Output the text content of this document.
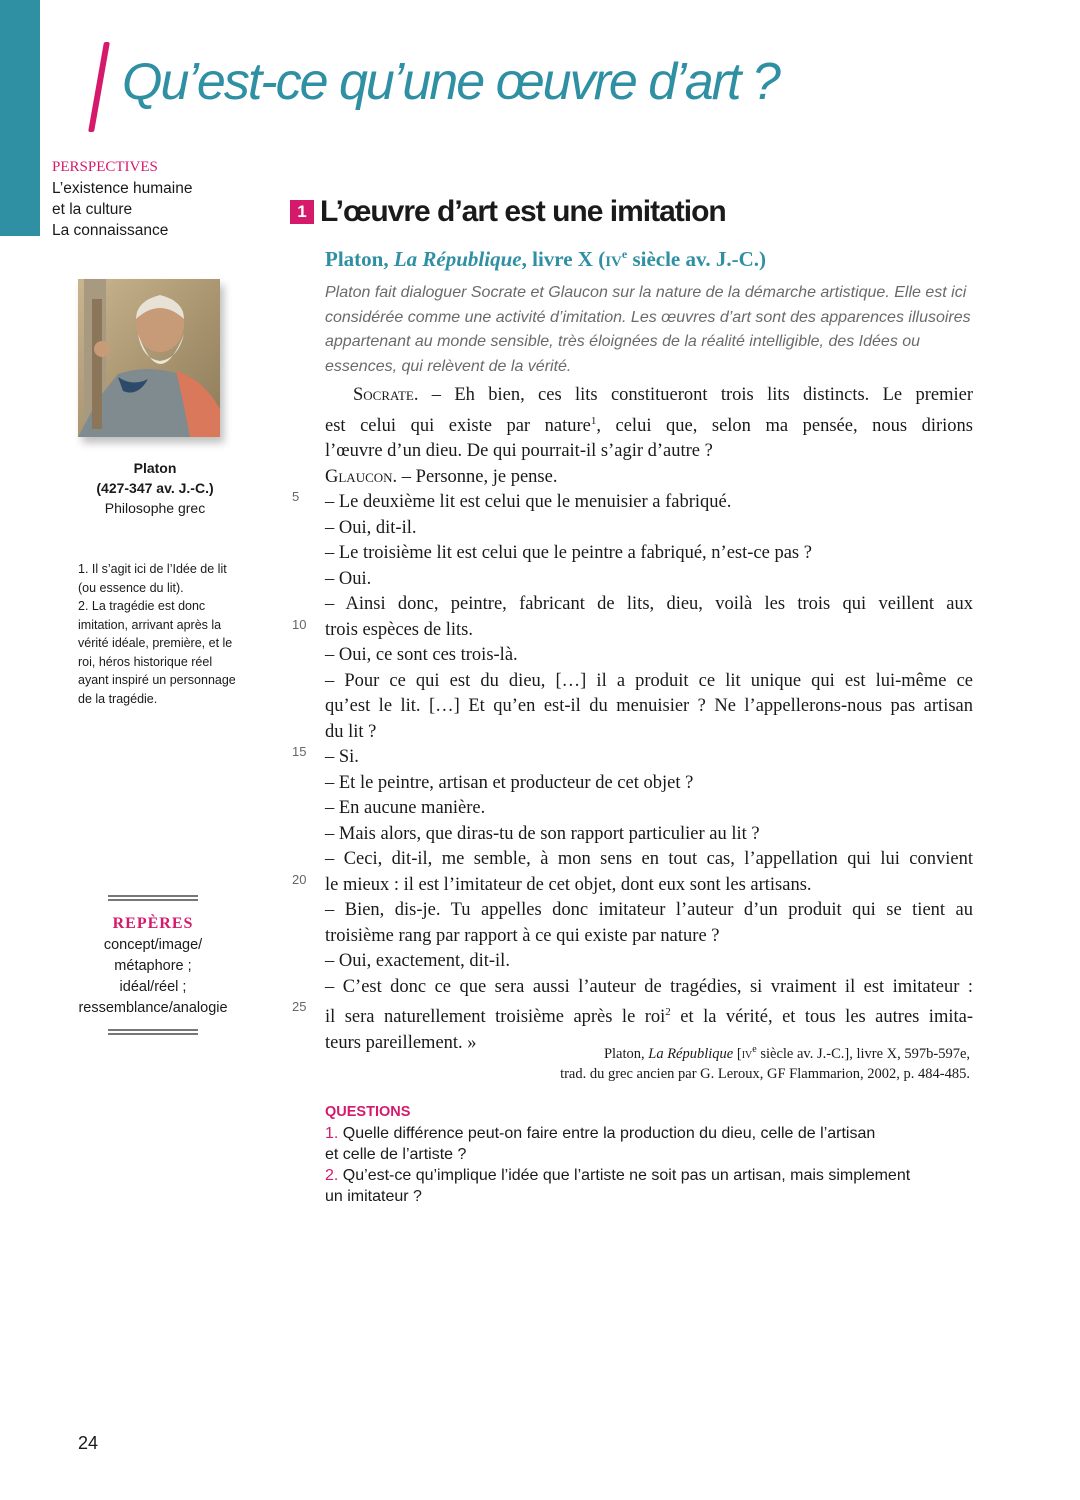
Qu’est-ce qu’une œuvre d’art ?
PERSPECTIVES
L’existence humaine
et la culture
La connaissance
Platon
(427-347 av. J.-C.)
Philosophe grec
1. Il s’agit ici de l’Idée de lit (ou essence du lit).
2. La tragédie est donc imitation, arrivant après la vérité idéale, première, et le roi, héros historique réel ayant inspiré un personnage de la tragédie.
REPÈRES
concept/image/
métaphore ;
idéal/réel ;
ressemblance/analogie
1 L’œuvre d’art est une imitation

Platon, La République, livre X ($iv^e$ siècle av. J.-C.)

Platon fait dialoguer Socrate et Glaucon sur la nature de la démarche artistique. Elle est ici considérée comme une activité d’imitation. Les œuvres d’art sont des apparences illusoires appartenant au monde sensible, très éloignées de la réalité intelligible, des Idées ou essences, qui relèvent de la vérité.

Socrate. – Eh bien, ces lits constitueront trois lits distincts. Le premier
est celui qui existe par nature$^1$, celui que, selon ma pensée, nous dirions
l’œuvre d’un dieu. De qui pourrait-il s’agir d’autre ?
Glaucon. – Personne, je pense.
– Le deuxième lit est celui que le menuisier a fabriqué.
– Oui, dit-il.
– Le troisième lit est celui que le peintre a fabriqué, n’est-ce pas ?
– Oui.
– Ainsi donc, peintre, fabricant de lits, dieu, voilà les trois qui veillent aux
trois espèces de lits.
– Oui, ce sont ces trois-là.
– Pour ce qui est du dieu, […] il a produit ce lit unique qui est lui-même ce
qu’est le lit. […] Et qu’en est-il du menuisier ? Ne l’appellerons-nous pas artisan
du lit ?
– Si.
– Et le peintre, artisan et producteur de cet objet ?
– En aucune manière.
– Mais alors, que diras-tu de son rapport particulier au lit ?
– Ceci, dit-il, me semble, à mon sens en tout cas, l’appellation qui lui convient
le mieux : il est l’imitateur de cet objet, dont eux sont les artisans.
– Bien, dis-je. Tu appelles donc imitateur l’auteur d’un produit qui se tient au
troisième rang par rapport à ce qui existe par nature ?
– Oui, exactement, dit-il.
– C’est donc ce que sera aussi l’auteur de tragédies, si vraiment il est imitateur :
il sera naturellement troisième après le roi$^2$ et la vérité, et tous les autres imita-
teurs pareillement. »
5
10
15
20
25
Platon, La République [$iv^e$ siècle av. J.-C.], livre X, 597b-597e,
trad. du grec ancien par G. Leroux, GF Flammarion, 2002, p. 484-485.
QUESTIONS
1. Quelle différence peut-on faire entre la production du dieu, celle de l’artisan
et celle de l’artiste ?
2. Qu’est-ce qu’implique l’idée que l’artiste ne soit pas un artisan, mais simplement
un imitateur ?
24
